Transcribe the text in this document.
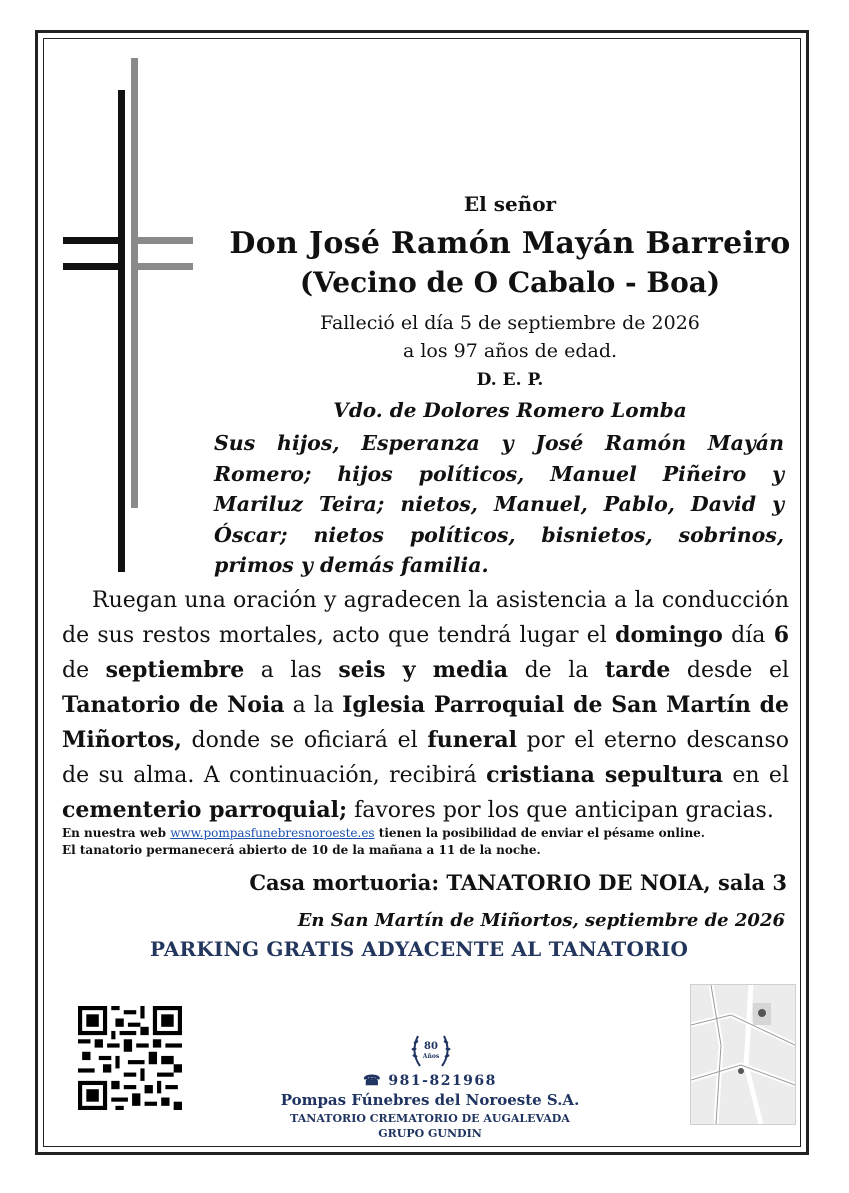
El señor
Don José Ramón Mayán Barreiro
(Vecino de O Cabalo - Boa)
Falleció el día 5 de septiembre de 2026
a los 97 años de edad.
D. E. P.
Vdo. de Dolores Romero Lomba
Sus hijos, Esperanza y José Ramón Mayán Romero; hijos políticos, Manuel Piñeiro y Mariluz Teira; nietos, Manuel, Pablo, David y Óscar; nietos políticos, bisnietos, sobrinos, primos y demás familia.
Ruegan una oración y agradecen la asistencia a la conducción de sus restos mortales, acto que tendrá lugar el domingo día 6 de septiembre a las seis y media de la tarde desde el Tanatorio de Noia a la Iglesia Parroquial de San Martín de Miñortos, donde se oficiará el funeral por el eterno descanso de su alma. A continuación, recibirá cristiana sepultura en el cementerio parroquial; favores por los que anticipan gracias.
En nuestra web www.pompasfunebresnoroeste.es tienen la posibilidad de enviar el pésame online.
El tanatorio permanecerá abierto de 10 de la mañana a 11 de la noche.
Casa mortuoria: TANATORIO DE NOIA, sala 3
En San Martín de Miñortos, septiembre de 2026
PARKING GRATIS ADYACENTE AL TANATORIO
80
Años
☎ 981-821968
Pompas Fúnebres del Noroeste S.A.
TANATORIO CREMATORIO DE AUGALEVADA
GRUPO GUNDIN
